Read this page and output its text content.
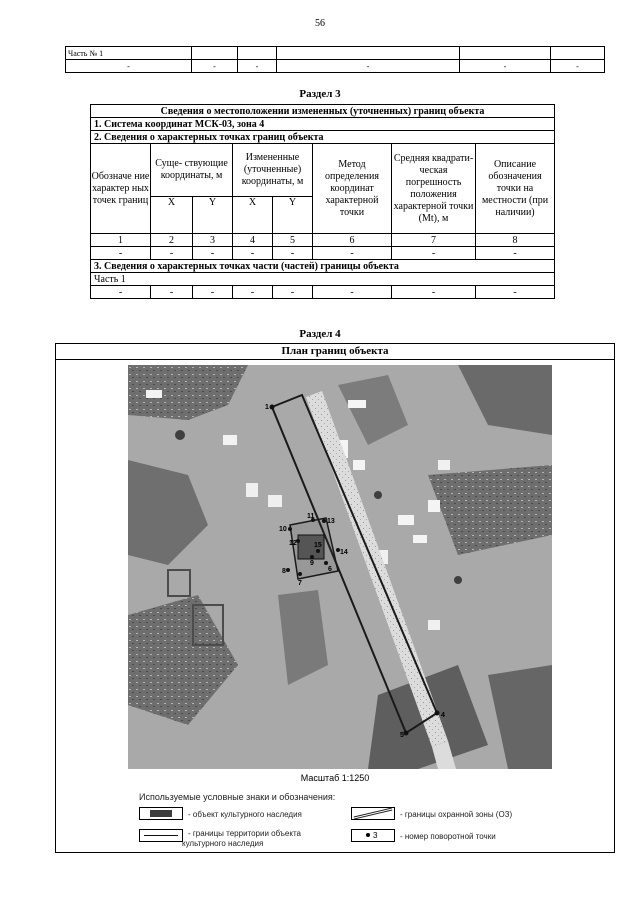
56
Часть № 1					
-	-	-	-	-	-
Раздел 3
Сведения о местоположении измененных (уточненных) границ объекта							
1. Система координат МСК-03, зона 4							
2. Сведения о характерных точках границ объекта							
Обозначе ние характер ных точек границ	Суще- ствующие координаты, м		Измененные (уточненные) координаты, м		Метод определения координат характерной точки	Средняя квадрати- ческая погрешность положения характерной точки (Mt), м	Описание обозначения точки на местности (при наличии)
	X	Y	X	Y			
1	2	3	4	5	6	7	8
-	-	-	-	-	-	-	-
3. Сведения о характерных точках части (частей) границы объекта							
Часть 1							
-	-	-	-	-	-	-	-
Раздел 4
План границ объекта
1
4
5
6
7
8
9
10
11
12
13
14
15
Масштаб 1:1250
Используемые условные знаки и обозначения:
- объект культурного наследия
- границы территории объекта
культурного наследия
- границы охранной зоны (ОЗ)
3	- номер поворотной точки
